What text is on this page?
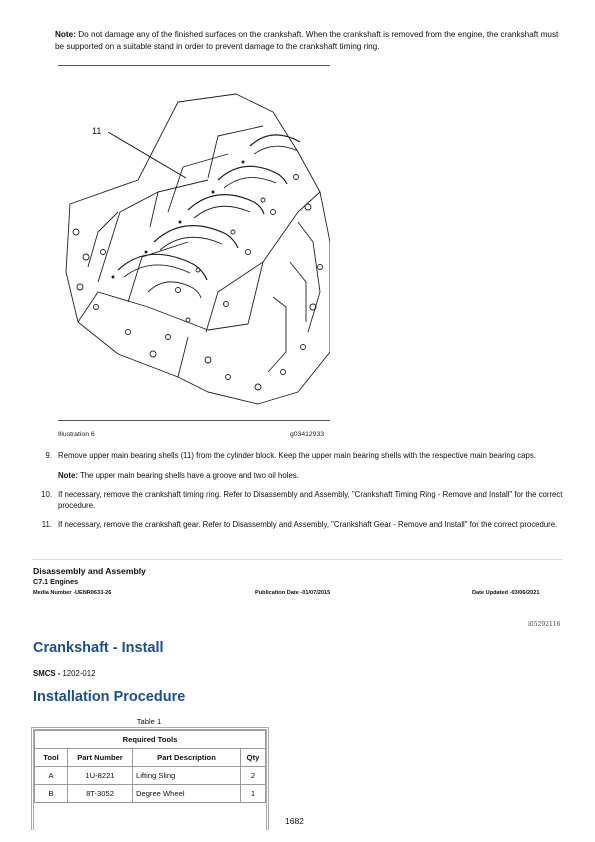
Note: Do not damage any of the finished surfaces on the crankshaft. When the crankshaft is removed from the engine, the crankshaft must be supported on a suitable stand in order to prevent damage to the crankshaft timing ring.
11
Illustration 6	g03412933
9. Remove upper main bearing shells (11) from the cylinder block. Keep the upper main bearing shells with the respective main bearing caps.
Note: The upper main bearing shells have a groove and two oil holes.
10. If necessary, remove the crankshaft timing ring. Refer to Disassembly and Assembly, "Crankshaft Timing Ring - Remove and Install" for the correct procedure.
11. If necessary, remove the crankshaft gear. Refer to Disassembly and Assembly, "Crankshaft Gear - Remove and Install" for the correct procedure.
Disassembly and Assembly
C7.1 Engines
Media Number -UENR0633-26	Publication Date -01/07/2015	Date Updated -03/06/2021
i05292116
Crankshaft - Install
SMCS - 1202-012
Installation Procedure
Table 1
Required Tools			
Tool	Part Number	Part Description	Qty
A	1U-8221	Lifting Sling	2
B	8T-3052	Degree Wheel	1
1682
